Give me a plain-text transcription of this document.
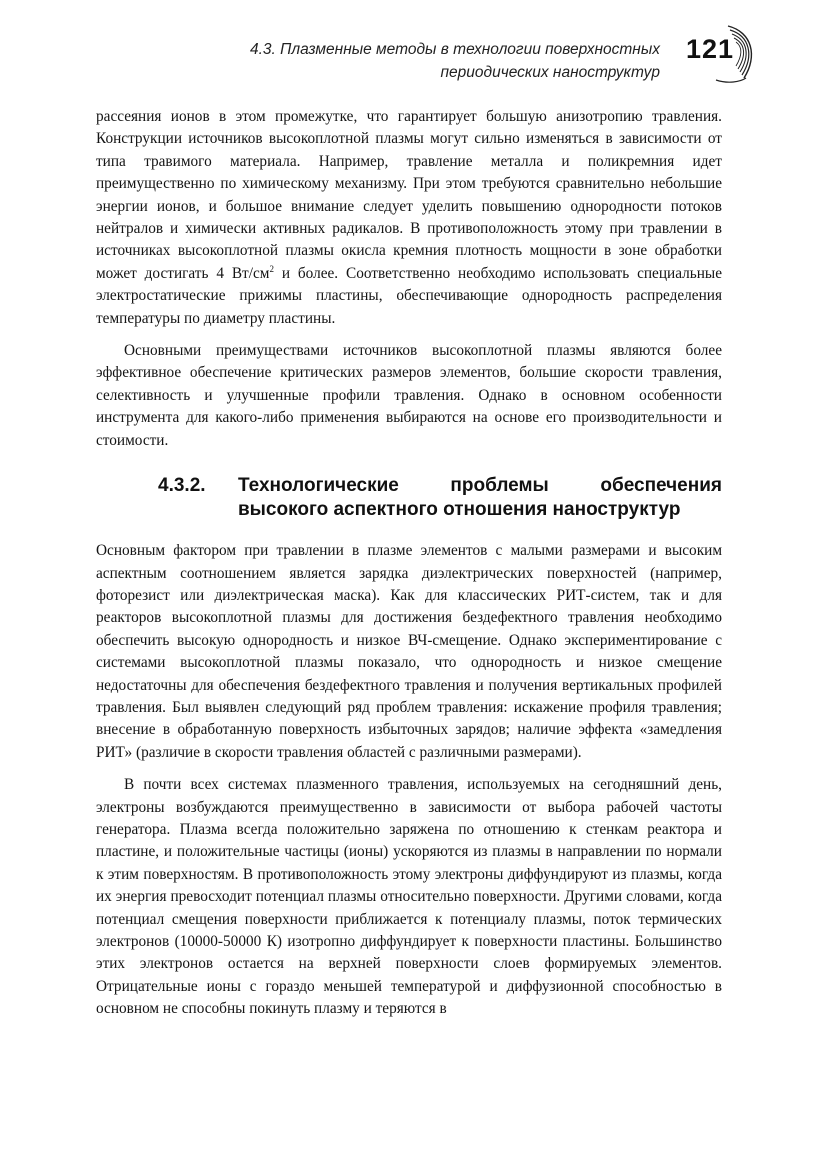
4.3. Плазменные методы в технологии поверхностных
периодических наноструктур
121

рассеяния ионов в этом промежутке, что гарантирует большую анизотропию травления. Конструкции источников высокоплотной плазмы могут сильно изменяться в зависимости от типа травимого материала. Например, травление металла и поликремния идет преимущественно по химическому механизму. При этом требуются сравнительно небольшие энергии ионов, и большое внимание следует уделить повышению однородности потоков нейтралов и химически активных радикалов. В противоположность этому при травлении в источниках высокоплотной плазмы окисла кремния плотность мощности в зоне обработки может достигать 4 $Вт/см^2$ и более. Соответственно необходимо использовать специальные электростатические прижимы пластины, обеспечивающие однородность распределения температуры по диаметру пластины.

Основными преимуществами источников высокоплотной плазмы являются более эффективное обеспечение критических размеров элементов, большие скорости травления, селективность и улучшенные профили травления. Однако в основном особенности инструмента для какого-либо применения выбираются на основе его производительности и стоимости.

4.3.2.	Технологические проблемы обеспечения высокого аспектного отношения наноструктур

Основным фактором при травлении в плазме элементов с малыми размерами и высоким аспектным соотношением является зарядка диэлектрических поверхностей (например, фоторезист или диэлектрическая маска). Как для классических РИТ-систем, так и для реакторов высокоплотной плазмы для достижения бездефектного травления необходимо обеспечить высокую однородность и низкое ВЧ-смещение. Однако экспериментирование с системами высокоплотной плазмы показало, что однородность и низкое смещение недостаточны для обеспечения бездефектного травления и получения вертикальных профилей травления. Был выявлен следующий ряд проблем травления: искажение профиля травления; внесение в обработанную поверхность избыточных зарядов; наличие эффекта «замедления РИТ» (различие в скорости травления областей с различными размерами).

В почти всех системах плазменного травления, используемых на сегодняшний день, электроны возбуждаются преимущественно в зависимости от выбора рабочей частоты генератора. Плазма всегда положительно заряжена по отношению к стенкам реактора и пластине, и положительные частицы (ионы) ускоряются из плазмы в направлении по нормали к этим поверхностям. В противоположность этому электроны диффундируют из плазмы, когда их энергия превосходит потенциал плазмы относительно поверхности. Другими словами, когда потенциал смещения поверхности приближается к потенциалу плазмы, поток термических электронов (10000-50000 К) изотропно диффундирует к поверхности пластины. Большинство этих электронов остается на верхней поверхности слоев формируемых элементов. Отрицательные ионы с гораздо меньшей температурой и диффузионной способностью в основном не способны покинуть плазму и теряются в
